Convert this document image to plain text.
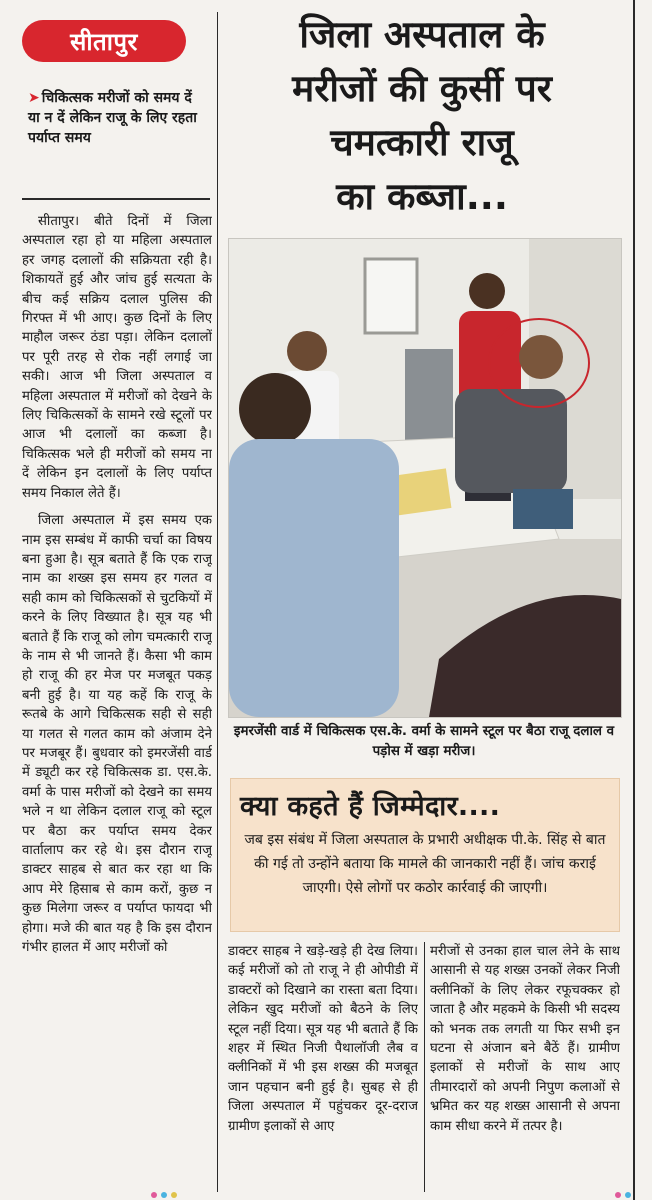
सीतापुर
➤ चिकित्सक मरीजों को समय दें या न दें लेकिन राजू के लिए रहता पर्याप्त समय
जिला अस्पताल के
मरीजों की कुर्सी पर
चमत्कारी राजू
का कब्जा...

सीतापुर। बीते दिनों में जिला अस्पताल रहा हो या महिला अस्पताल हर जगह दलालों की सक्रियता रही है। शिकायतें हुई और जांच हुई सत्यता के बीच कई सक्रिय दलाल पुलिस की गिरफ्त में भी आए। कुछ दिनों के लिए माहौल जरूर ठंडा पड़ा। लेकिन दलालों पर पूरी तरह से रोक नहीं लगाई जा सकी। आज भी जिला अस्पताल व महिला अस्पताल में मरीजों को देखने के लिए चिकित्सकों के सामने रखे स्टूलों पर आज भी दलालों का कब्जा है। चिकित्सक भले ही मरीजों को समय ना दें लेकिन इन दलालों के लिए पर्याप्त समय निकाल लेते हैं।

जिला अस्पताल में इस समय एक नाम इस सम्बंध में काफी चर्चा का विषय बना हुआ है। सूत्र बताते हैं कि एक राजू नाम का शख्स इस समय हर गलत व सही काम को चिकित्सकों से चुटकियों में करने के लिए विख्यात है। सूत्र यह भी बताते हैं कि राजू को लोग चमत्कारी राजू के नाम से भी जानते हैं। कैसा भी काम हो राजू की हर मेज पर मजबूत पकड़ बनी हुई है। या यह कहें कि राजू के रूतबे के आगे चिकित्सक सही से सही या गलत से गलत काम को अंजाम देने पर मजबूर हैं। बुधवार को इमरजेंसी वार्ड में ड्यूटी कर रहे चिकित्सक डा. एस.के. वर्मा के पास मरीजों को देखने का समय भले न था लेकिन दलाल राजू को स्टूल पर बैठा कर पर्याप्त समय देकर वार्तालाप कर रहे थे। इस दौरान राजू डाक्टर साहब से बात कर रहा था कि आप मेरे हिसाब से काम करों, कुछ न कुछ मिलेगा जरूर व पर्याप्त फायदा भी होगा। मजे की बात यह है कि इस दौरान गंभीर हालत में आए मरीजों को

इमरजेंसी वार्ड में चिकित्सक एस.के. वर्मा के सामने स्टूल पर बैठा राजू दलाल व पड़ोस में खड़ा मरीज।
क्या कहते हैं जिम्मेदार....
जब इस संबंध में जिला अस्पताल के प्रभारी अधीक्षक पी.के. सिंह से बात की गई तो उन्होंने बताया कि मामले की जानकारी नहीं हैं। जांच कराई जाएगी। ऐसे लोगों पर कठोर कार्रवाई की जाएगी।

डाक्टर साहब ने खड़े-खड़े ही देख लिया। कई मरीजों को तो राजू ने ही ओपीडी में डाक्टरों को दिखाने का रास्ता बता दिया। लेकिन खुद मरीजों को बैठने के लिए स्टूल नहीं दिया। सूत्र यह भी बताते हैं कि शहर में स्थित निजी पैथालॉजी लैब व क्लीनिकों में भी इस शख्स की मजबूत जान पहचान बनी हुई है। सुबह से ही जिला अस्पताल में पहुंचकर दूर-दराज ग्रामीण इलाकों से आए

मरीजों से उनका हाल चाल लेने के साथ आसानी से यह शख्स उनकों लेकर निजी क्लीनिकों के लिए लेकर रफूचक्कर हो जाता है और महकमे के किसी भी सदस्य को भनक तक लगती या फिर सभी इन घटना से अंजान बने बैठें हैं। ग्रामीण इलाकों से मरीजों के साथ आए तीमारदारों को अपनी निपुण कलाओं से भ्रमित कर यह शख्स आसानी से अपना काम सीधा करने में तत्पर है।
